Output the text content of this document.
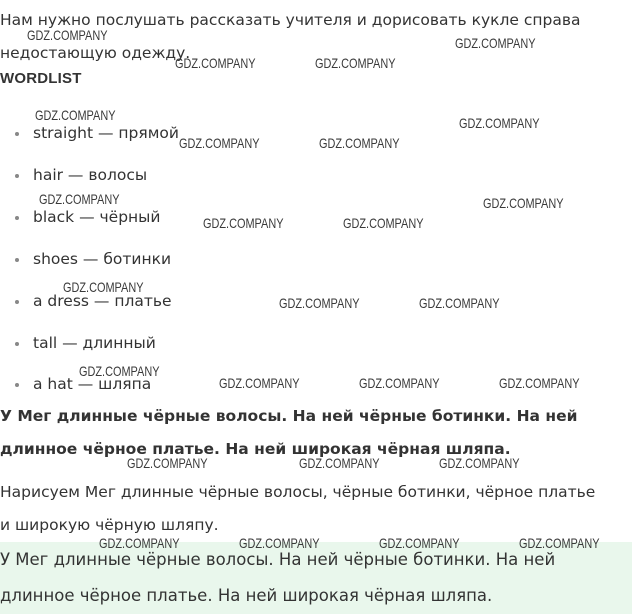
Нам нужно послушать рассказать учителя и дорисовать кукле справа недостающую одежду.

WORDLIST
straight — прямой
hair — волосы
black — чёрный
shoes — ботинки
a dress — платье
tall — длинный
a hat — шляпа

У Мег длинные чёрные волосы. На ней чёрные ботинки. На ней длинное чёрное платье. На ней широкая чёрная шляпа.

Нарисуем Мег длинные чёрные волосы, чёрные ботинки, чёрное платье и широкую чёрную шляпу.

У Мег длинные чёрные волосы. На ней чёрные ботинки. На ней длинное чёрное платье. На ней широкая чёрная шляпа.

GDZ.COMPANY	GDZ.COMPANY
GDZ.COMPANY	GDZ.COMPANY
GDZ.COMPANY	GDZ.COMPANY
GDZ.COMPANY	GDZ.COMPANY
GDZ.COMPANY	GDZ.COMPANY
GDZ.COMPANY	GDZ.COMPANY
GDZ.COMPANY
GDZ.COMPANY	GDZ.COMPANY
GDZ.COMPANY
GDZ.COMPANY	GDZ.COMPANY	GDZ.COMPANY
GDZ.COMPANY	GDZ.COMPANY	GDZ.COMPANY
GDZ.COMPANY	GDZ.COMPANY	GDZ.COMPANY	GDZ.COMPANY
